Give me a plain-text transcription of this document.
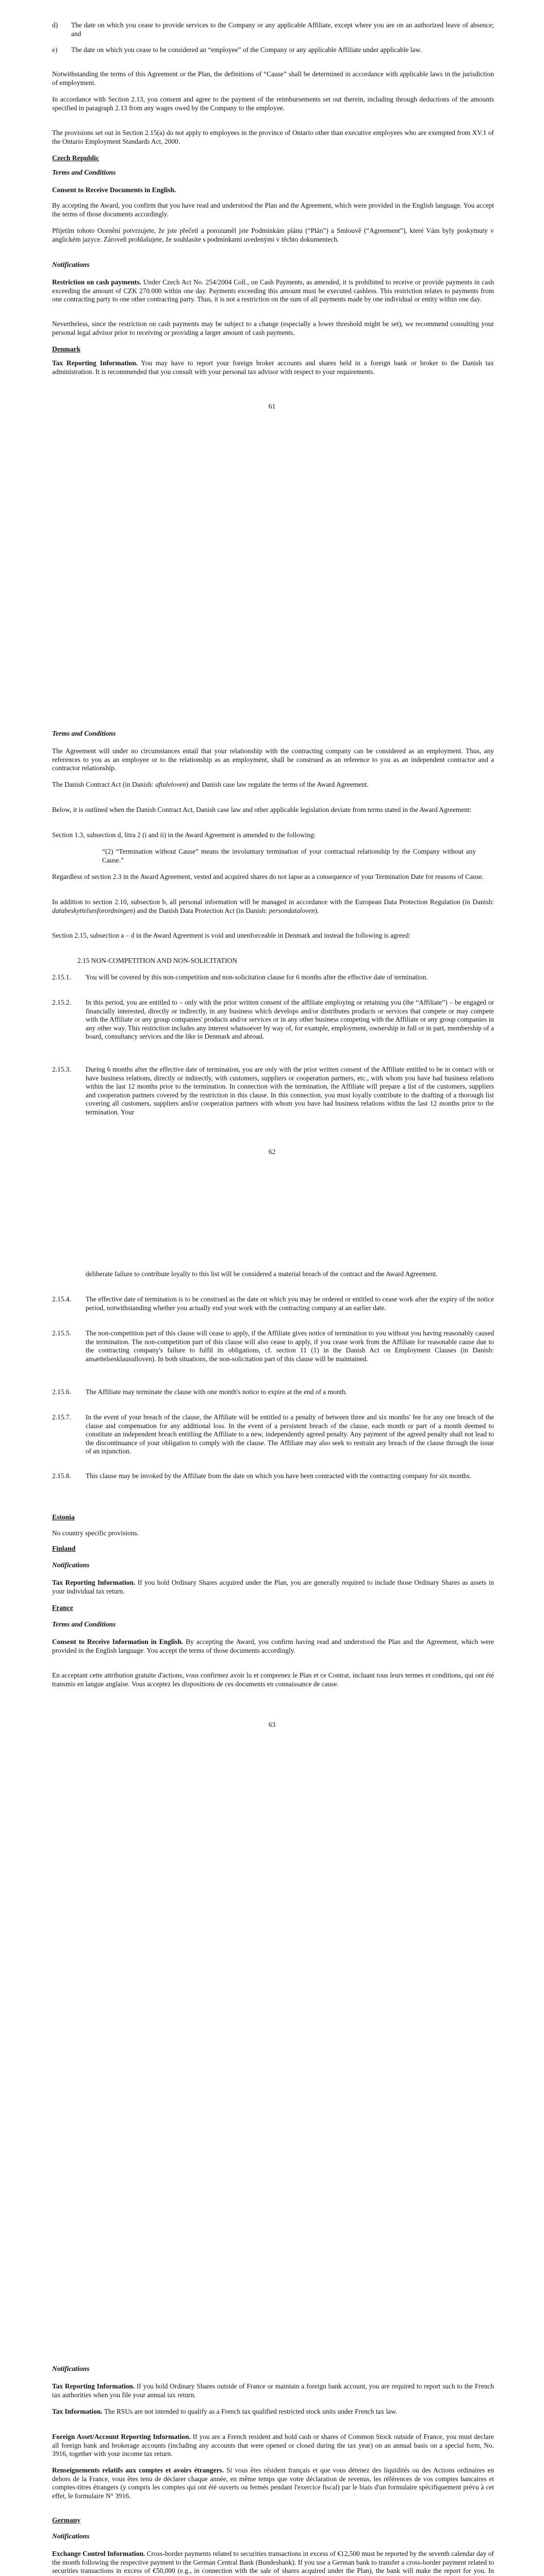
d) The date on which you cease to provide services to the Company or any applicable Affiliate, except where you are on an authorized leave of absence; and

e) The date on which you cease to be considered an “employee” of the Company or any applicable Affiliate under applicable law.

Notwithstanding the terms of this Agreement or the Plan, the definitions of “Cause” shall be determined in accordance with applicable laws in the jurisdiction of employment.

In accordance with Section 2.13, you consent and agree to the payment of the reimbursements set out therein, including through deductions of the amounts specified in paragraph 2.13 from any wages owed by the Company to the employee.

The provisions set out in Section 2.15(a) do not apply to employees in the province of Ontario other than executive employees who are exempted from XV.1 of the Ontario Employment Standards Act, 2000.

Czech Republic
Terms and Conditions
Consent to Receive Documents in English.

By accepting the Award, you confirm that you have read and understood the Plan and the Agreement, which were provided in the English language. You accept the terms of those documents accordingly.

Přijetím tohoto Ocenění potvrzujete, že jste přečetl a porozuměl jste Podmínkám plánu (“Plán”) a Smlouvě (“Agreement”), které Vám byly poskytnuty v anglickém jazyce. Zároveň prohlašujete, že souhlasíte s podmínkami uvedenými v těchto dokumentech.

Notifications

Restriction on cash payments. Under Czech Act No. 254/2004 Coll., on Cash Payments, as amended, it is prohibited to receive or provide payments in cash exceeding the amount of CZK 270.000 within one day. Payments exceeding this amount must be executed cashless. This restriction relates to payments from one contracting party to one other contracting party. Thus, it is not a restriction on the sum of all payments made by one individual or entity within one day.

Nevertheless, since the restriction on cash payments may be subject to a change (especially a lower threshold might be set), we recommend consulting your personal legal advisor prior to receiving or providing a larger amount of cash payments.

Denmark

Tax Reporting Information. You may have to report your foreign broker accounts and shares held in a foreign bank or broker to the Danish tax administration. It is recommended that you consult with your personal tax advisor with respect to your requirements.

61
Terms and Conditions

The Agreement will under no circumstances entail that your relationship with the contracting company can be considered as an employment. Thus, any references to you as an employee or to the relationship as an employment, shall be construed as an reference to you as an independent contractor and a contractor relationship.

The Danish Contract Act (in Danish: aftaleloven) and Danish case law regulate the terms of the Award Agreement.

Below, it is outlined when the Danish Contract Act, Danish case law and other applicable legislation deviate from terms stated in the Award Agreement:

Section 1.3, subsection d, litra 2 (i and ii) in the Award Agreement is amended to the following:

“(2) “Termination without Cause” means the involuntary termination of your contractual relationship by the Company without any Cause.”

Regardless of section 2.3 in the Award Agreement, vested and acquired shares do not lapse as a consequence of your Termination Date for reasons of Cause.

In addition to section 2.10, subsection b, all personal information will be managed in accordance with the European Data Protection Regulation (in Danish: databeskyttelsesforordningen) and the Danish Data Protection Act (in Danish: persondataloven).

Section 2.15, subsection a – d in the Award Agreement is void and unenforceable in Denmark and instead the following is agreed:

2.15 NON-COMPETITION AND NON-SOLICITATION
2.15.1. You will be covered by this non-competition and non-solicitation clause for 6 months after the effective date of termination.

2.15.2. In this period, you are entitled to – only with the prior written consent of the affiliate employing or retaining you (the “Affiliate”) – be engaged or financially interested, directly or indirectly, in any business which develops and/or distributes products or services that compete or may compete with the Affiliate or any group companies' products and/or services or in any other business competing with the Affiliate or any group companies in any other way. This restriction includes any interest whatsoever by way of, for example, employment, ownership in full or in part, membership of a board, consultancy services and the like in Denmark and abroad.

2.15.3. During 6 months after the effective date of termination, you are only with the prior written consent of the Affiliate entitled to be in contact with or have business relations, directly or indirectly, with customers, suppliers or cooperation partners, etc., with whom you have had business relations within the last 12 months prior to the termination. In connection with the termination, the Affiliate will prepare a list of the customers, suppliers and cooperation partners covered by the restriction in this clause. In this connection, you must loyally contribute to the drafting of a thorough list covering all customers, suppliers and/or cooperation partners with whom you have had business relations within the last 12 months prior to the termination. Your

62

deliberate failure to contribute loyally to this list will be considered a material breach of the contract and the Award Agreement.

2.15.4. The effective date of termination is to be construed as the date on which you may be ordered or entitled to cease work after the expiry of the notice period, notwithstanding whether you actually end your work with the contracting company at an earlier date.

2.15.5. The non-competition part of this clause will cease to apply, if the Affiliate gives notice of termination to you without you having reasonably caused the termination. The non-competition part of this clause will also cease to apply, if you cease work from the Affiliate for reasonable cause due to the contracting company's failure to fulfil its obligations, cf. section 11 (1) in the Danish Act on Employment Clauses (in Danish: ansættelsesklausulloven). In both situations, the non-solicitation part of this clause will be maintained.

2.15.6. The Affiliate may terminate the clause with one month's notice to expire at the end of a month.

2.15.7. In the event of your breach of the clause, the Affiliate will be entitled to a penalty of between three and six months' fee for any one breach of the clause and compensation for any additional loss. In the event of a persistent breach of the clause, each month or part of a month deemed to constitute an independent breach entitling the Affiliate to a new, independently agreed penalty. Any payment of the agreed penalty shall not lead to the discontinuance of your obligation to comply with the clause. The Affiliate may also seek to restrain any breach of the clause through the issue of an injunction.

2.15.8. This clause may be invoked by the Affiliate from the date on which you have been contracted with the contracting company for six months.

Estonia

No country specific provisions.

Finland
Notifications

Tax Reporting Information. If you hold Ordinary Shares acquired under the Plan, you are generally required to include those Ordinary Shares as assets in your individual tax return.

France
Terms and Conditions

Consent to Receive Information in English. By accepting the Award, you confirm having read and understood the Plan and the Agreement, which were provided in the English language. You accept the terms of those documents accordingly.

En acceptant cette attribution gratuite d'actions, vous confirmez avoir lu et comprenez le Plan et ce Contrat, incluant tous leurs termes et conditions, qui ont été transmis en langue anglaise. Vous acceptez les dispositions de ces documents en connaissance de cause.

63
Notifications

Tax Reporting Information. If you hold Ordinary Shares outside of France or maintain a foreign bank account, you are required to report such to the French tax authorities when you file your annual tax return.

Tax Information. The RSUs are not intended to qualify as a French tax qualified restricted stock units under French tax law.

Foreign Asset/Account Reporting Information. If you are a French resident and hold cash or shares of Common Stock outside of France, you must declare all foreign bank and brokerage accounts (including any accounts that were opened or closed during the tax year) on an annual basis on a special form, No. 3916, together with your income tax return.

Renseignements relatifs aux comptes et avoirs étrangers. Si vous êtes résident français et que vous détenez des liquidités ou des Actions ordinaires en dehors de la France, vous êtes tenu de déclarer chaque année, en même temps que votre déclaration de revenus, les références de vos comptes bancaires et comptes-titres étrangers (y compris les comptes qui ont été ouverts ou fermés pendant l'exercice fiscal) par le biais d'un formulaire spécifiquement prévu à cet effet, le formulaire N° 3916.

Germany
Notifications

Exchange Control Information. Cross-border payments related to securities transactions in excess of €12,500 must be reported by the seventh calendar day of the month following the respective payment to the German Central Bank (Bundesbank). If you use a German bank to transfer a cross-border payment related to securities transactions in excess of €50,000 (e.g., in connection with the sale of shares acquired under the Plan), the bank will make the report for you. In
